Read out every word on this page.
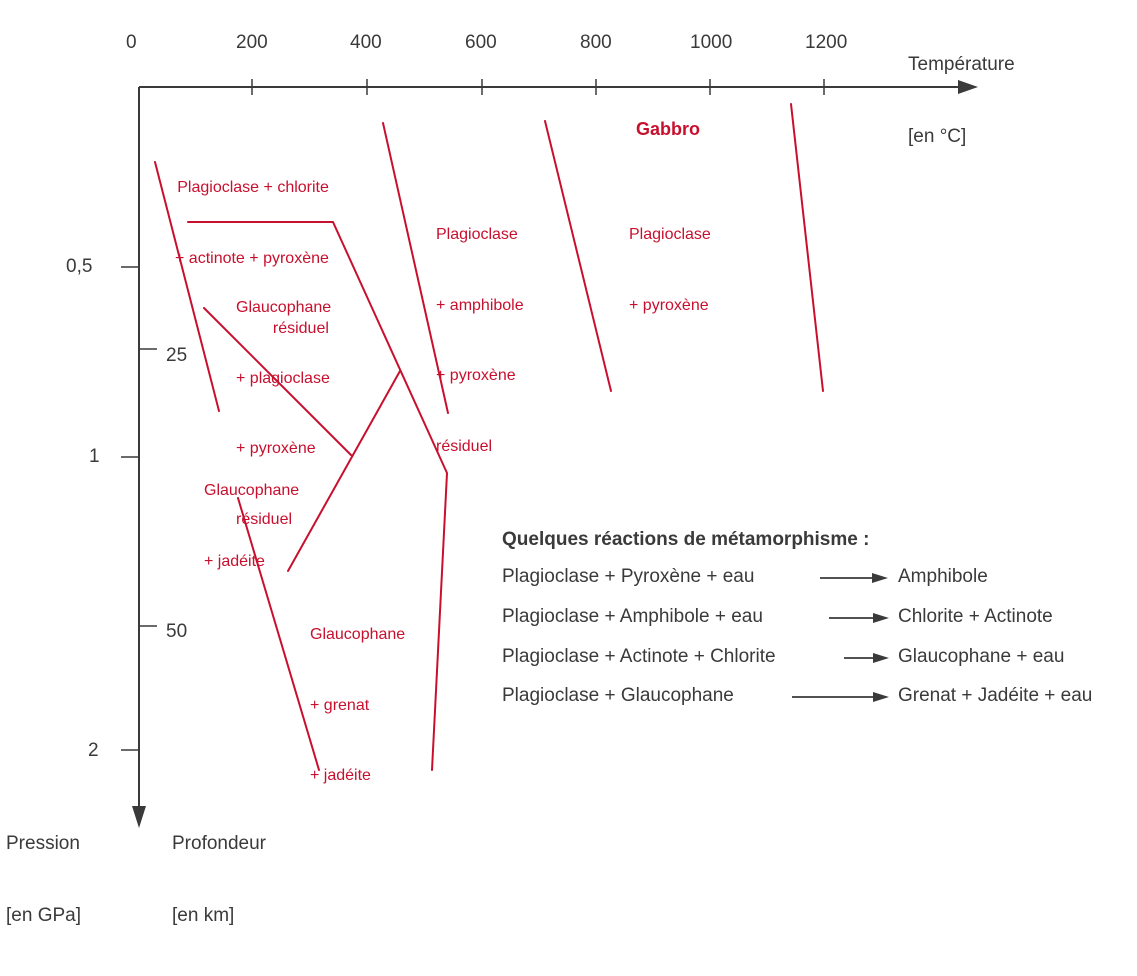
Température

[en °C]

Pression

[en GPa]

Profondeur

[en km]

0	200	400	600	800	1000	1200
0,5
1
2
25
50
Gabbro

Plagioclase + chlorite

+ actinote + pyroxène

résiduel

Plagioclase

+ amphibole

+ pyroxène

résiduel

Plagioclase

+ pyroxène

Glaucophane

+ plagioclase

+ pyroxène

résiduel

Glaucophane

+ jadéite

Glaucophane

+ grenat

+ jadéite

Quelques réactions de métamorphisme :
Plagioclase + Pyroxène + eau	Amphibole
Plagioclase + Amphibole + eau	Chlorite + Actinote
Plagioclase + Actinote + Chlorite	Glaucophane + eau
Plagioclase + Glaucophane	Grenat + Jadéite + eau
